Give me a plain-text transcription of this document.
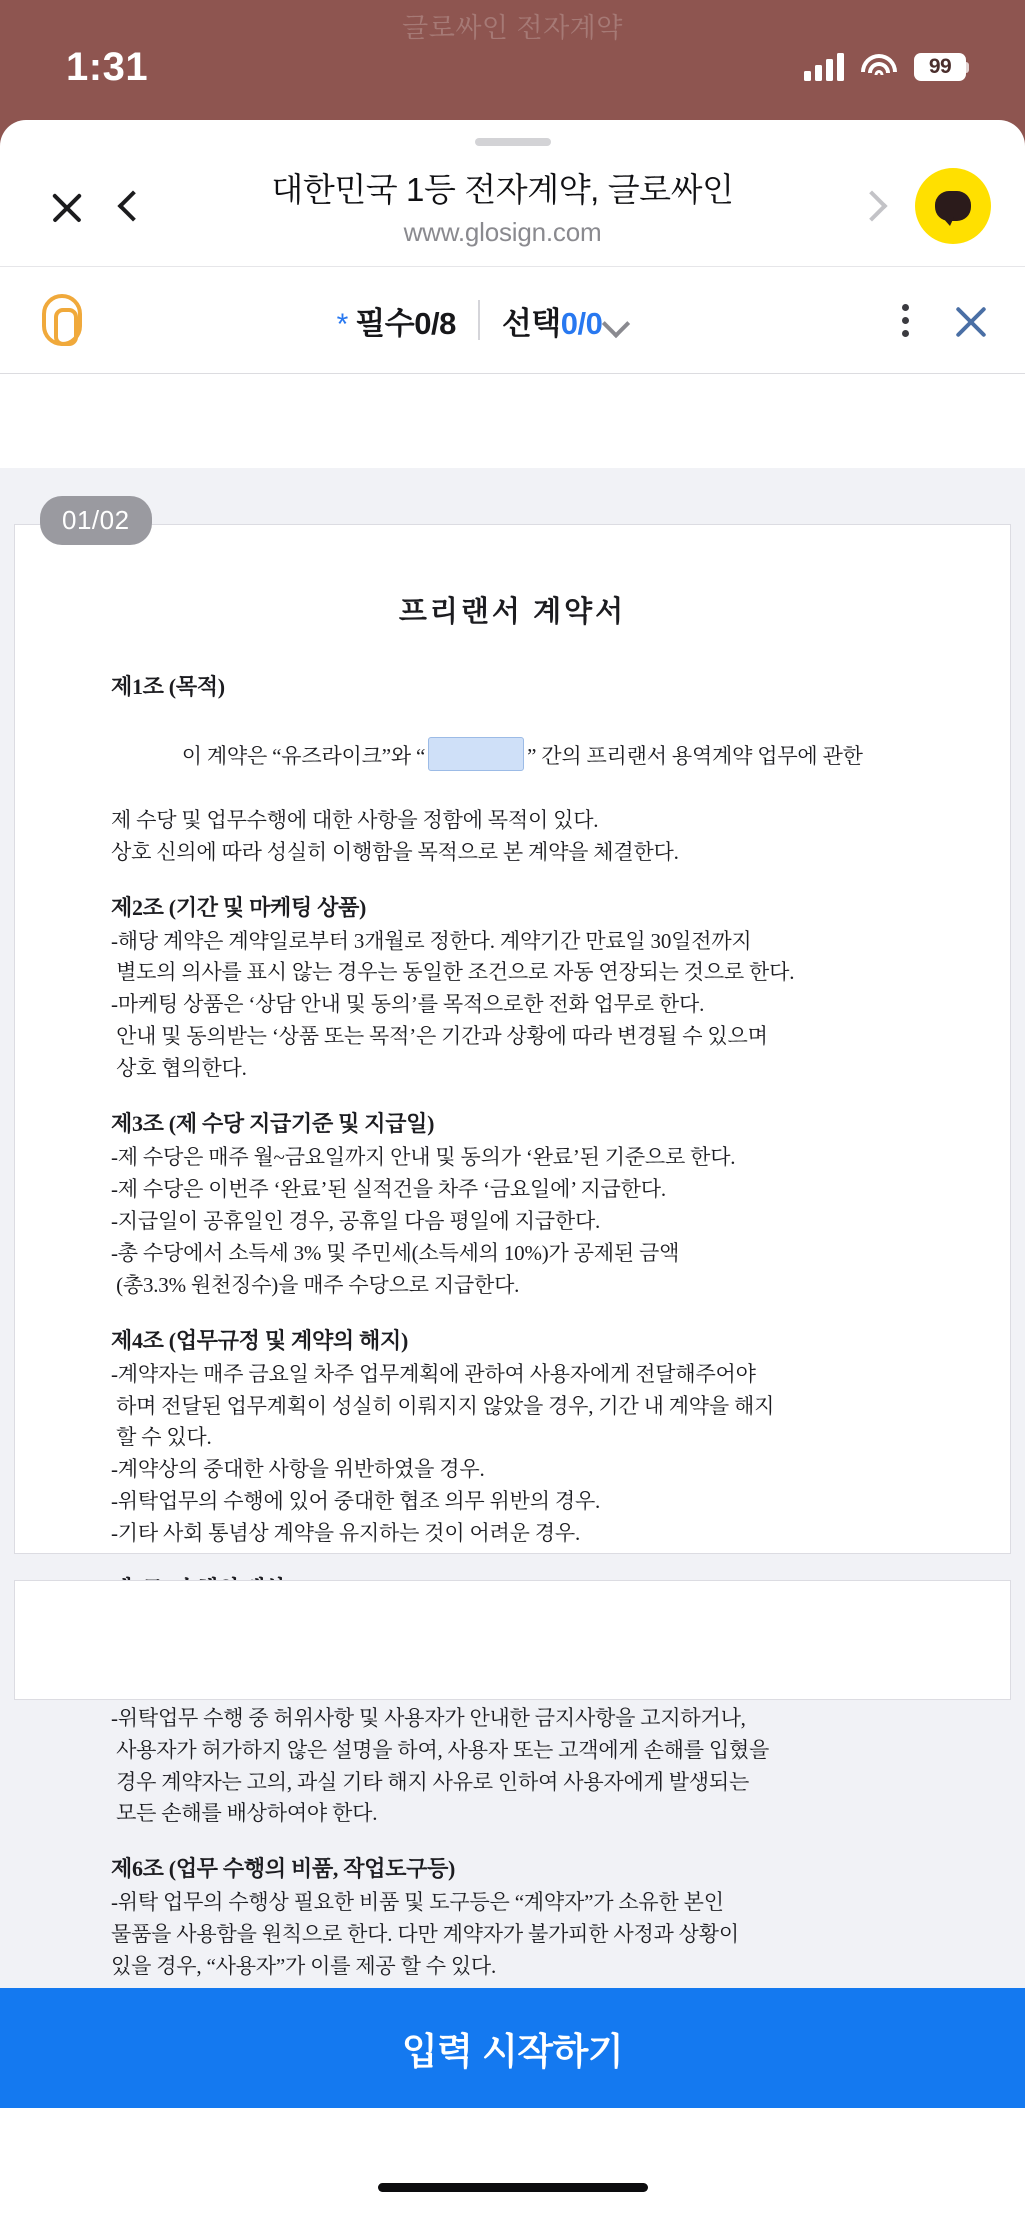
글로싸인 전자계약
1:31	99
대한민국 1등 전자계약, 글로싸인
www.glosign.com
* 필수0/8 선택 0/0
01/02
프리랜서 계약서
제1조 (목적)

이 계약은 “유즈라이크”와 “	” 간의 프리랜서 용역계약 업무에 관한

제 수당 및 업무수행에 대한 사항을 정함에 목적이 있다.
상호 신의에 따라 성실히 이행함을 목적으로 본 계약을 체결한다.
제2조 (기간 및 마케팅 상품)
-해당 계약은 계약일로부터 3개월로 정한다. 계약기간 만료일 30일전까지
별도의 의사를 표시 않는 경우는 동일한 조건으로 자동 연장되는 것으로 한다.
-마케팅 상품은 ‘상담 안내 및 동의’를 목적으로한 전화 업무로 한다.
안내 및 동의받는 ‘상품 또는 목적’은 기간과 상황에 따라 변경될 수 있으며
상호 협의한다.
제3조 (제 수당 지급기준 및 지급일)
-제 수당은 매주 월~금요일까지 안내 및 동의가 ‘완료’된 기준으로 한다.
-제 수당은 이번주 ‘완료’된 실적건을 차주 ‘금요일에’ 지급한다.
-지급일이 공휴일인 경우, 공휴일 다음 평일에 지급한다.
-총 수당에서 소득세 3% 및 주민세(소득세의 10%)가 공제된 금액
(총3.3% 원천징수)을 매주 수당으로 지급한다.
제4조 (업무규정 및 계약의 해지)
-계약자는 매주 금요일 차주 업무계획에 관하여 사용자에게 전달해주어야
하며 전달된 업무계획이 성실히 이뤄지지 않았을 경우, 기간 내 계약을 해지
할 수 있다.
-계약상의 중대한 사항을 위반하였을 경우.
-위탁업무의 수행에 있어 중대한 협조 의무 위반의 경우.
-기타 사회 통념상 계약을 유지하는 것이 어려운 경우.
-위탁업무 수행 중 허위사항 및 사용자가 안내한 금지사항을 고지하거나,
사용자가 허가하지 않은 설명을 하여, 사용자 또는 고객에게 손해를 입혔을
경우 계약자는 고의, 과실 기타 해지 사유로 인하여 사용자에게 발생되는
모든 손해를 배상하여야 한다.
제6조 (업무 수행의 비품, 작업도구등)
-위탁 업무의 수행상 필요한 비품 및 도구등은 “계약자”가 소유한 본인
물품을 사용함을 원칙으로 한다. 다만 계약자가 불가피한 사정과 상황이
있을 경우, “사용자”가 이를 제공 할 수 있다.
입력 시작하기
